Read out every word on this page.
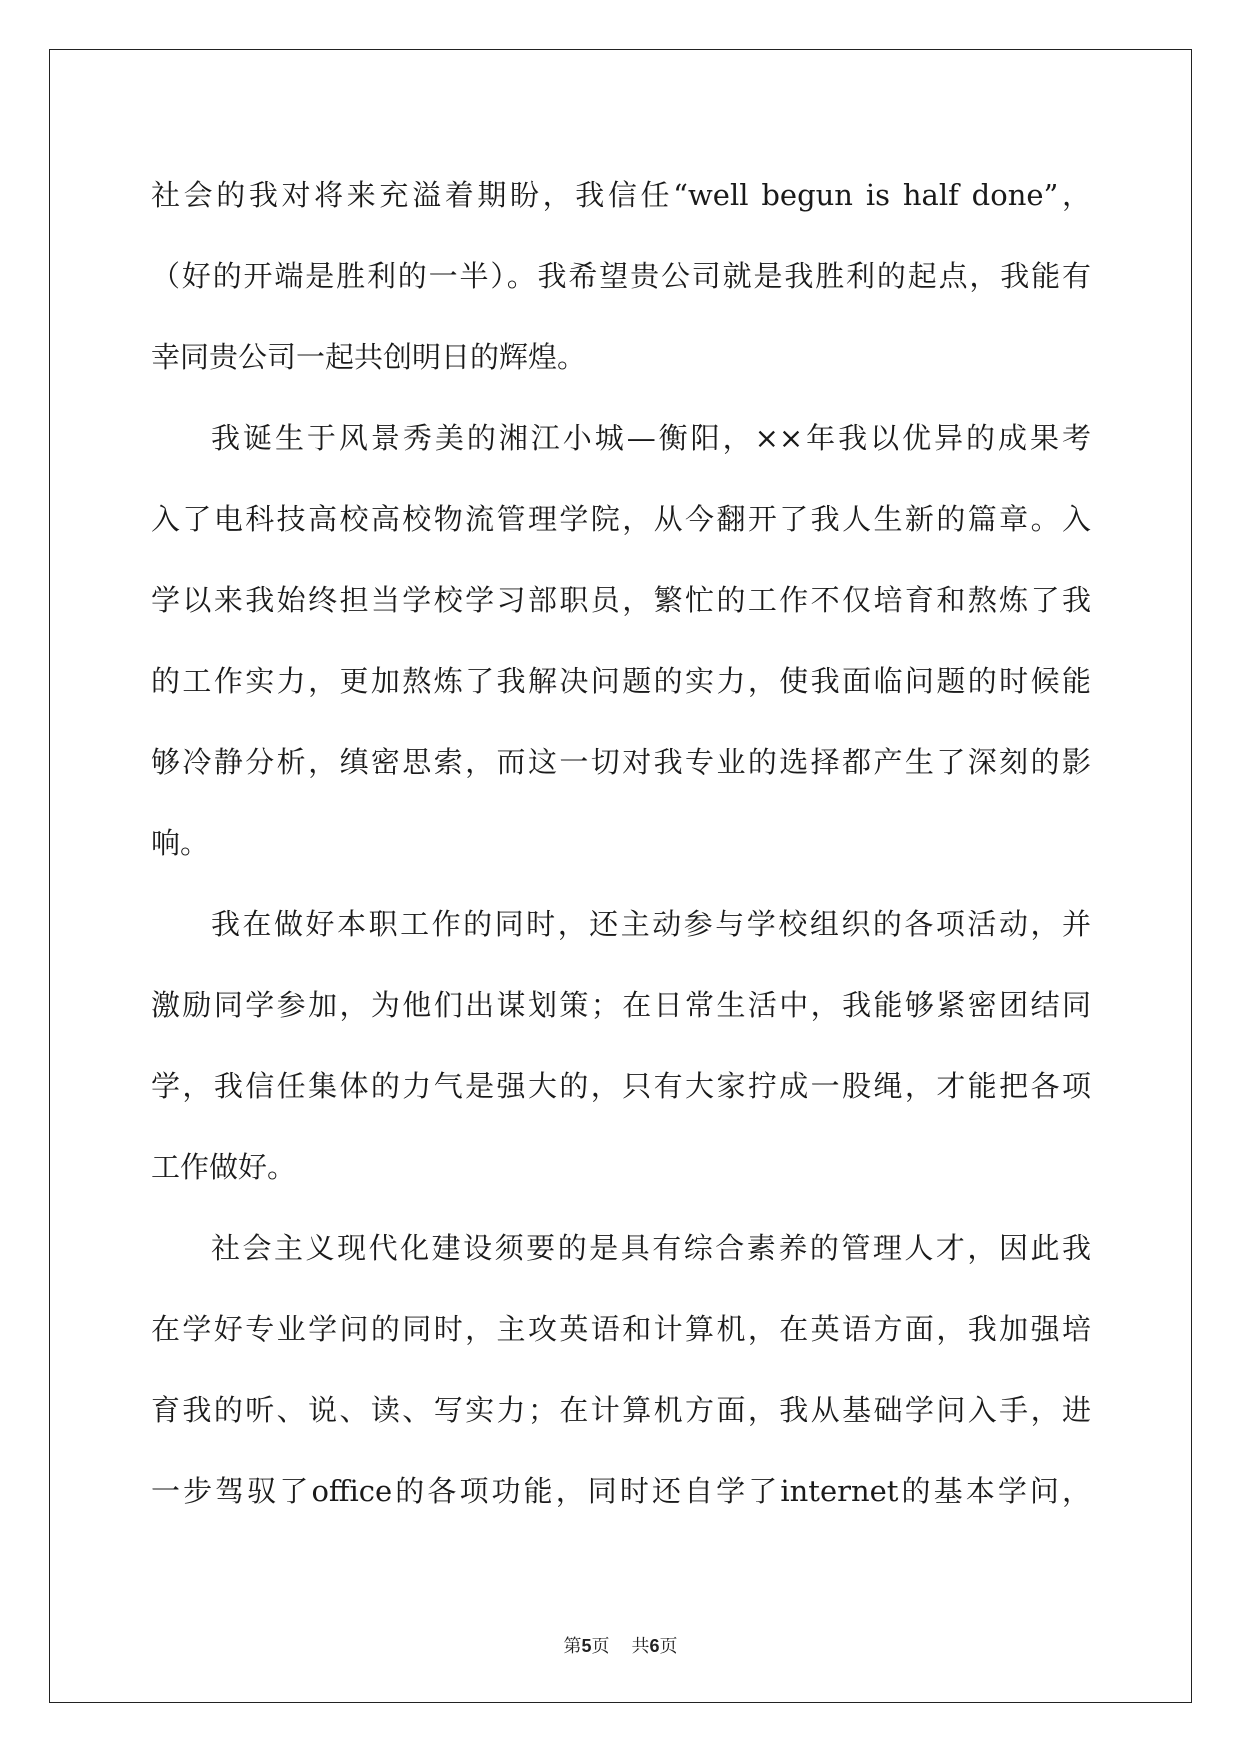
社会的我对将来充溢着期盼，我信任“well begun is half done”，
（好的开端是胜利的一半）。我希望贵公司就是我胜利的起点，我能有
幸同贵公司一起共创明日的辉煌。
我诞生于风景秀美的湘江小城—衡阳，××年我以优异的成果考
入了电科技高校高校物流管理学院，从今翻开了我人生新的篇章。入
学以来我始终担当学校学习部职员，繁忙的工作不仅培育和熬炼了我
的工作实力，更加熬炼了我解决问题的实力，使我面临问题的时候能
够冷静分析，缜密思索，而这一切对我专业的选择都产生了深刻的影
响。
我在做好本职工作的同时，还主动参与学校组织的各项活动，并
激励同学参加，为他们出谋划策；在日常生活中，我能够紧密团结同
学，我信任集体的力气是强大的，只有大家拧成一股绳，才能把各项
工作做好。
社会主义现代化建设须要的是具有综合素养的管理人才，因此我
在学好专业学问的同时，主攻英语和计算机，在英语方面，我加强培
育我的听、说、读、写实力；在计算机方面，我从基础学问入手，进
一步驾驭了office的各项功能，同时还自学了internet的基本学问，
第5页 共6页
